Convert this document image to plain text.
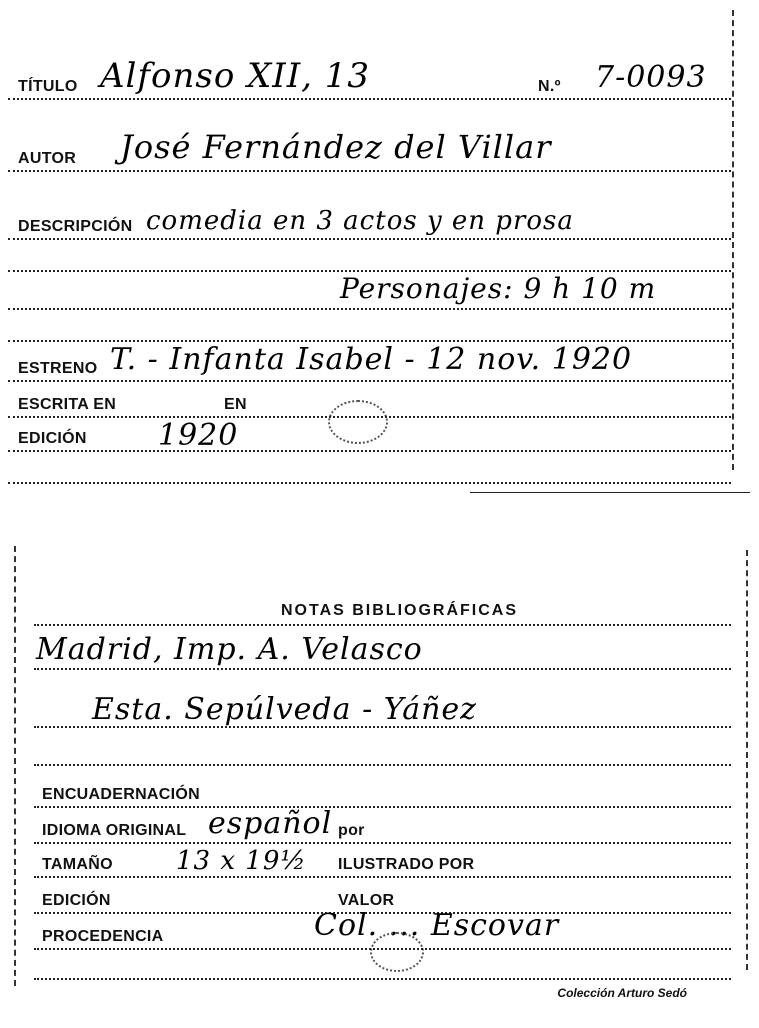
TÍTULO Alfonso XII, 13	N.º 7-0093
AUTOR José Fernández del Villar
DESCRIPCIÓN comedia en 3 actos y en prosa
Personajes: 9 h 10 m
ESTRENO T. - Infanta Isabel - 12 nov. 1920
ESCRITA EN	EN
EDICIÓN 1920
NOTAS BIBLIOGRÁFICAS
Madrid, Imp. A. Velasco
Esta. Sepúlveda - Yáñez
ENCUADERNACIÓN
IDIOMA ORIGINAL español por
TAMAÑO 13 x 19½ ILUSTRADO POR
EDICIÓN	VALOR
PROCEDENCIA	Col. ... Escovar
Colección Arturo Sedó
